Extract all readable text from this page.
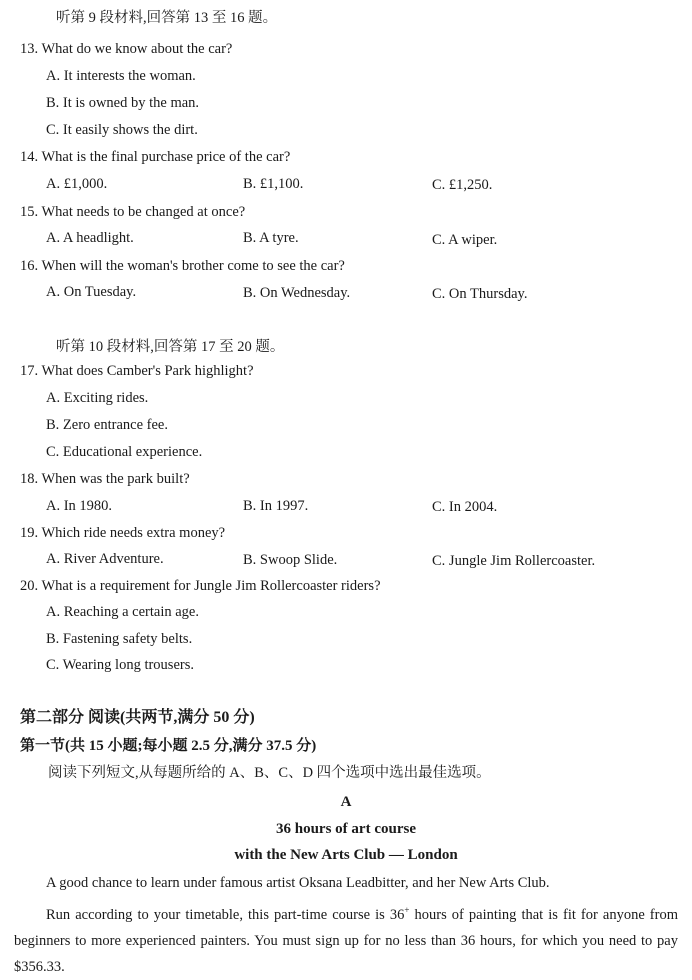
听第 9 段材料,回答第 13 至 16 题。
13. What do we know about the car?
A. It interests the woman.
B. It is owned by the man.
C. It easily shows the dirt.
14. What is the final purchase price of the car?
A. £1,000.	B. £1,100.	C. £1,250.
15. What needs to be changed at once?
A. A headlight.	B. A tyre.	C. A wiper.
16. When will the woman's brother come to see the car?
A. On Tuesday.	B. On Wednesday.	C. On Thursday.
听第 10 段材料,回答第 17 至 20 题。
17. What does Camber's Park highlight?
A. Exciting rides.
B. Zero entrance fee.
C. Educational experience.
18. When was the park built?
A. In 1980.	B. In 1997.	C. In 2004.
19. Which ride needs extra money?
A. River Adventure.	B. Swoop Slide.	C. Jungle Jim Rollercoaster.
20. What is a requirement for Jungle Jim Rollercoaster riders?
A. Reaching a certain age.
B. Fastening safety belts.
C. Wearing long trousers.
第二部分 阅读(共两节,满分 50 分)
第一节(共 15 小题;每小题 2.5 分,满分 37.5 分)
阅读下列短文,从每题所给的 A、B、C、D 四个选项中选出最佳选项。
A
36 hours of art course
with the New Arts Club — London
A good chance to learn under famous artist Oksana Leadbitter, and her New Arts Club.
Run according to your timetable, this part-time course is 36+ hours of painting that is fit for anyone from beginners to more experienced painters. You must sign up for no less than 36 hours, for which you need to pay $356.33.
